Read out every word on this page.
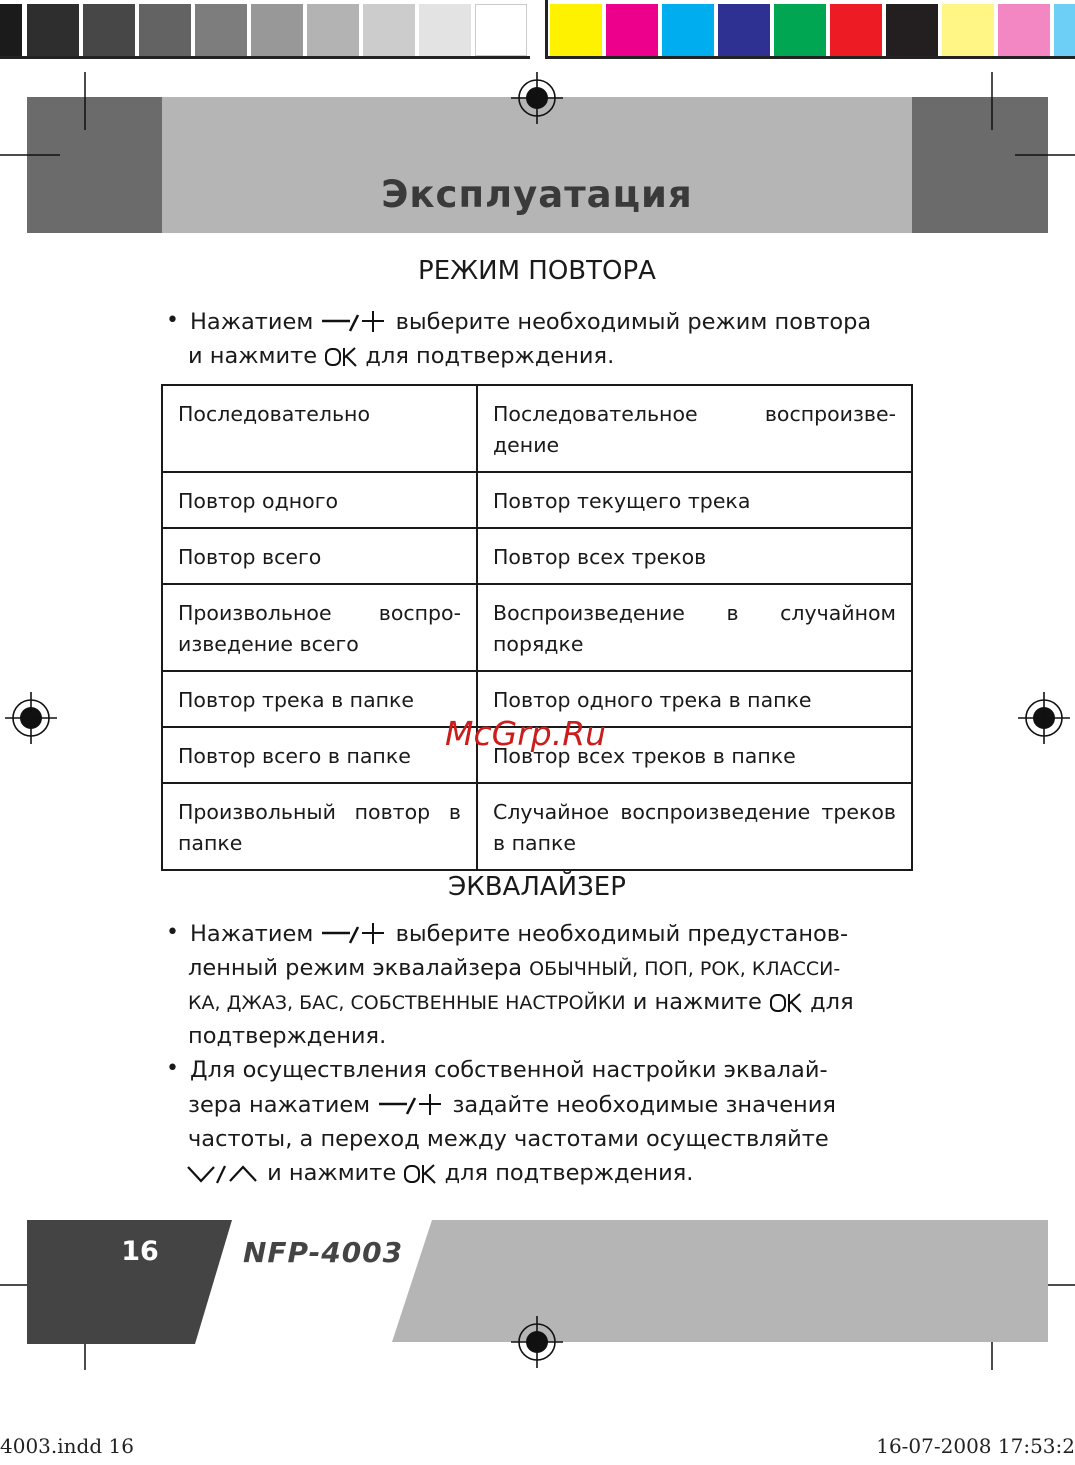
Эксплуатация
РЕЖИМ ПОВТОРА
• Нажатием	выберите необходимый режим повтора
и нажмите для подтверждения.
Последовательно	Последовательное воспроизве-дение
Повтор одного	Повтор текущего трека
Повтор всего	Повтор всех треков
Произвольное воспро-изведение всего	Воспроизведение в случайном порядке
Повтор трека в папке	Повтор одного трека в папке
Повтор всего в папке	Повтор всех треков в папке
Произвольный повтор в папке	Случайное воспроизведение треков в папке
McGrp.Ru
ЭКВАЛАЙЗЕР
• Нажатием	выберите необходимый предустанов-
ленный режим эквалайзера ОБЫЧНЫЙ, ПОП, РОК, КЛАССИ-
КА, ДЖАЗ, БАС, СОБСТВЕННЫЕ НАСТРОЙКИ и нажмите для
подтверждения.
• Для осуществления собственной настройки эквалай-
зера нажатием	задайте необходимые значения
частоты, а переход между частотами осуществляйте
и нажмите для подтверждения.
16	NFP-4003
4003.indd 16	16-07-2008 17:53:2
